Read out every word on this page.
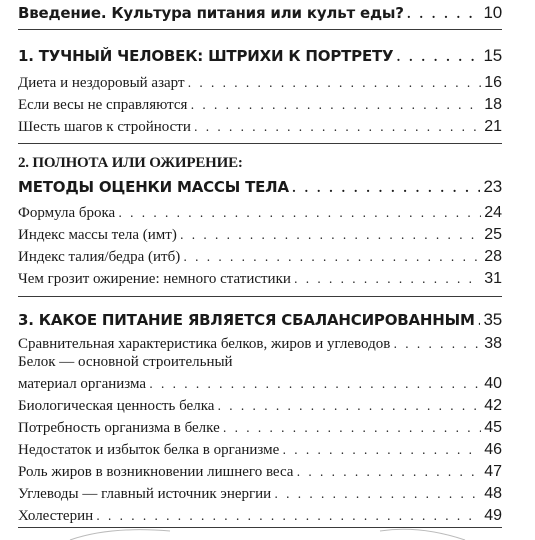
Введение. Культура питания или культ еды? . . .	10
1. ТУЧНЫЙ ЧЕЛОВЕК: ШТРИХИ К ПОРТРЕТУ . . .	15
Диета и нездоровый азарт . . .	16
Если весы не справляются . . .	18
Шесть шагов к стройности . . .	21
2. ПОЛНОТА ИЛИ ОЖИРЕНИЕ:
МЕТОДЫ ОЦЕНКИ МАССЫ ТЕЛА . . .	23
Формула брока . . .	24
Индекс массы тела (имт) . . .	25
Индекс талия/бедра (итб) . . .	28
Чем грозит ожирение: немного статистики . . .	31
3. КАКОЕ ПИТАНИЕ ЯВЛЯЕТСЯ СБАЛАНСИРОВАННЫМ . . . 35
Сравнительная характеристика белков, жиров и углеводов . . .	38
Белок — основной строительный
материал организма . . .	40
Биологическая ценность белка . . .	42
Потребность организма в белке . . .	45
Недостаток и избыток белка в организме . . .	46
Роль жиров в возникновении лишнего веса . . .	47
Углеводы — главный источник энергии . . .	48
Холестерин . . .	49
